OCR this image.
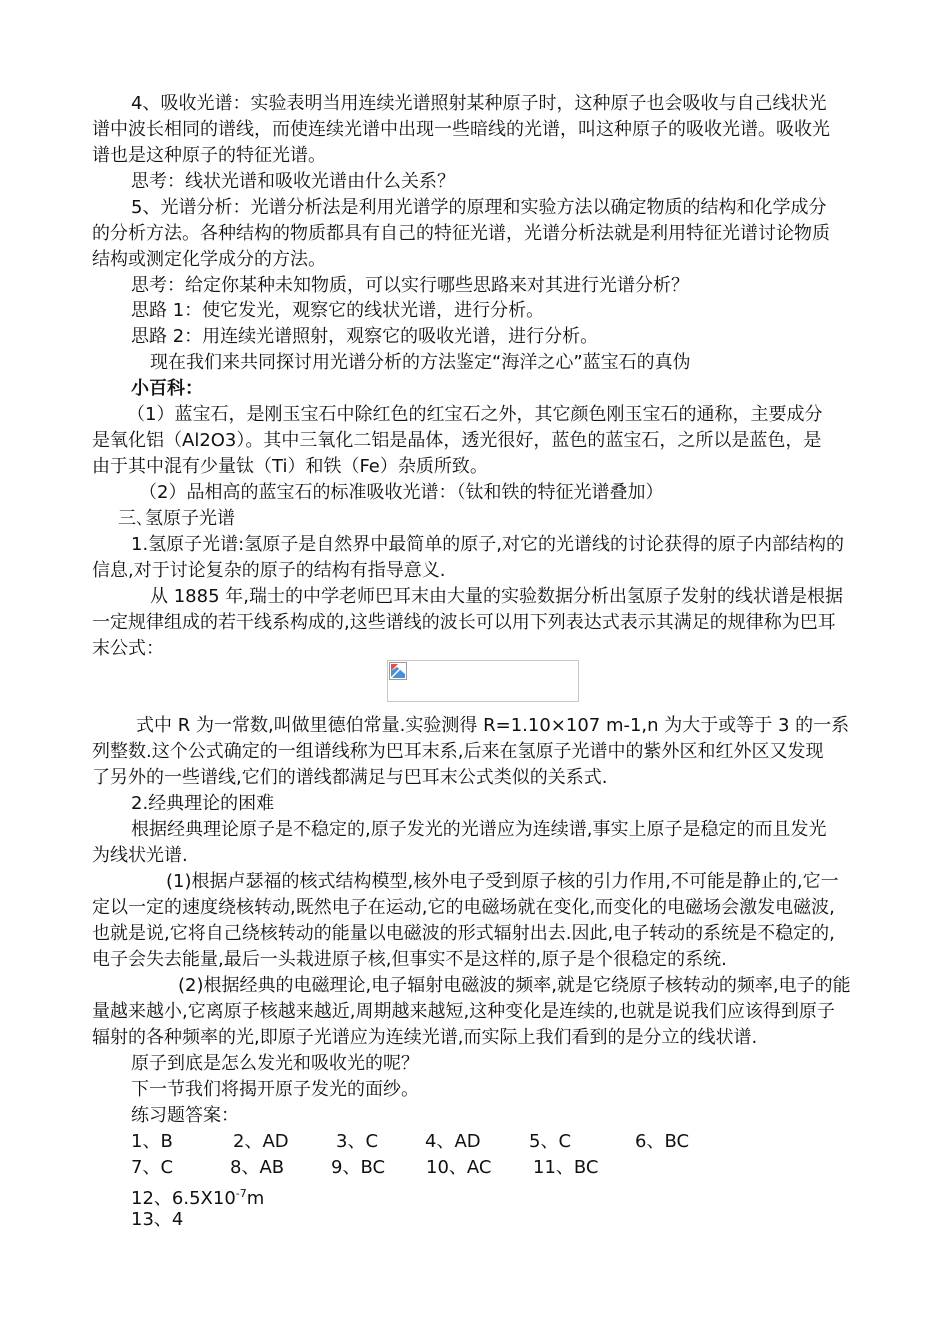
4、吸收光谱：实验表明当用连续光谱照射某种原子时，这种原子也会吸收与自己线状光
谱中波长相同的谱线，而使连续光谱中出现一些暗线的光谱，叫这种原子的吸收光谱。吸收光
谱也是这种原子的特征光谱。
思考：线状光谱和吸收光谱由什么关系？
5、光谱分析：光谱分析法是利用光谱学的原理和实验方法以确定物质的结构和化学成分
的分析方法。各种结构的物质都具有自己的特征光谱，光谱分析法就是利用特征光谱讨论物质
结构或测定化学成分的方法。
思考：给定你某种未知物质，可以实行哪些思路来对其进行光谱分析？
思路 1：使它发光，观察它的线状光谱，进行分析。
思路 2：用连续光谱照射，观察它的吸收光谱，进行分析。
现在我们来共同探讨用光谱分析的方法鉴定“海洋之心”蓝宝石的真伪
小百科：
（1）蓝宝石，是刚玉宝石中除红色的红宝石之外，其它颜色刚玉宝石的通称，主要成分
是氧化铝（Al2O3）。其中三氧化二铝是晶体，透光很好，蓝色的蓝宝石，之所以是蓝色，是
由于其中混有少量钛（Ti）和铁（Fe）杂质所致。
（2）品相高的蓝宝石的标准吸收光谱：（钛和铁的特征光谱叠加）
三､氢原子光谱
1.氢原子光谱:氢原子是自然界中最简单的原子,对它的光谱线的讨论获得的原子内部结构的
信息,对于讨论复杂的原子的结构有指导意义.
从 1885 年,瑞士的中学老师巴耳末由大量的实验数据分析出氢原子发射的线状谱是根据
一定规律组成的若干线系构成的,这些谱线的波长可以用下列表达式表示其满足的规律称为巴耳
末公式：
式中 R 为一常数,叫做里德伯常量.实验测得 R=1.10×107 m-1,n 为大于或等于 3 的一系
列整数.这个公式确定的一组谱线称为巴耳末系,后来在氢原子光谱中的紫外区和红外区又发现
了另外的一些谱线,它们的谱线都满足与巴耳末公式类似的关系式.
2.经典理论的困难
根据经典理论原子是不稳定的,原子发光的光谱应为连续谱,事实上原子是稳定的而且发光
为线状光谱.
(1)根据卢瑟福的核式结构模型,核外电子受到原子核的引力作用,不可能是静止的,它一
定以一定的速度绕核转动,既然电子在运动,它的电磁场就在变化,而变化的电磁场会激发电磁波,
也就是说,它将自己绕核转动的能量以电磁波的形式辐射出去.因此,电子转动的系统是不稳定的,
电子会失去能量,最后一头栽进原子核,但事实不是这样的,原子是个很稳定的系统.
(2)根据经典的电磁理论,电子辐射电磁波的频率,就是它绕原子核转动的频率,电子的能
量越来越小,它离原子核越来越近,周期越来越短,这种变化是连续的,也就是说我们应该得到原子
辐射的各种频率的光,即原子光谱应为连续光谱,而实际上我们看到的是分立的线状谱.
原子到底是怎么发光和吸收光的呢？
下一节我们将揭开原子发光的面纱。
练习题答案：
1、B	2、AD	3、C	4、AD	5、C	6、BC
7、C	8、AB	9、BC 10、AC 11、BC
12、$6.5X10^{-7}m$
13、4
